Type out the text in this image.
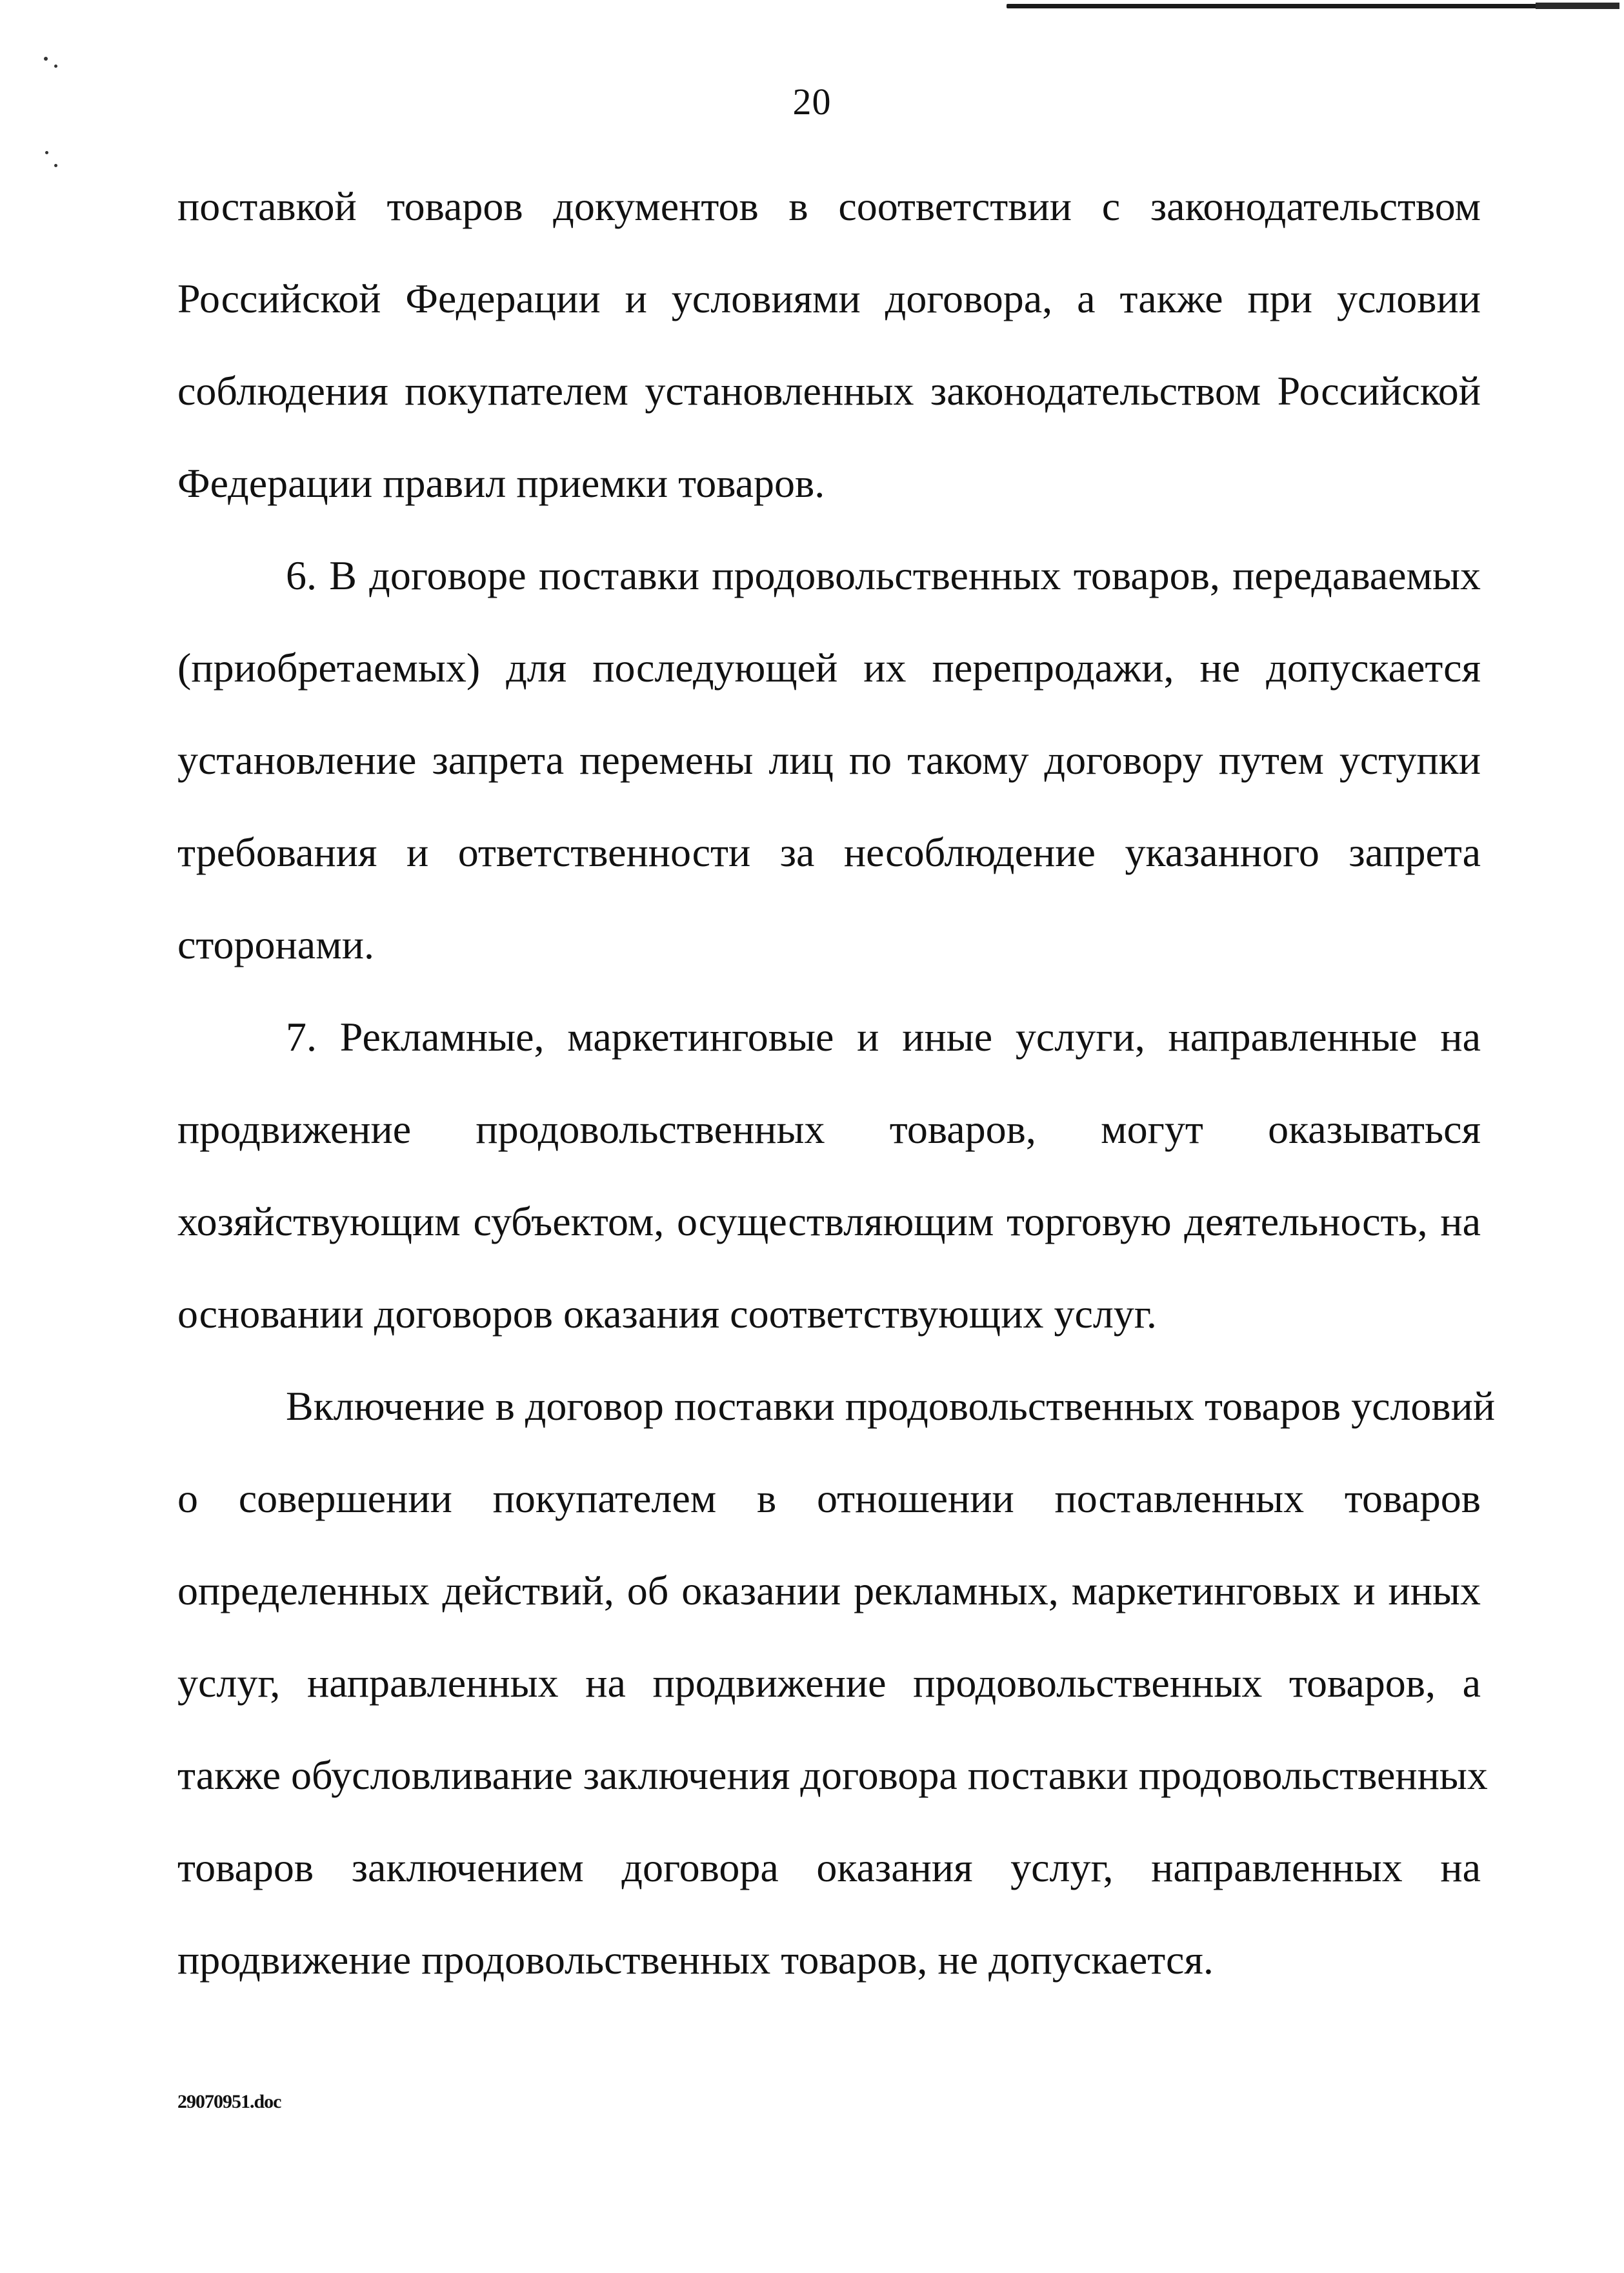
20
поставкой товаров документов в соответствии с законодательством
Российской Федерации и условиями договора, а также при условии
соблюдения покупателем установленных законодательством Российской
Федерации правил приемки товаров.
6. В договоре поставки продовольственных товаров, передаваемых
(приобретаемых) для последующей их перепродажи, не допускается
установление запрета перемены лиц по такому договору путем уступки
требования и ответственности за несоблюдение указанного запрета
сторонами.
7. Рекламные, маркетинговые и иные услуги, направленные на
продвижение продовольственных товаров, могут оказываться
хозяйствующим субъектом, осуществляющим торговую деятельность, на
основании договоров оказания соответствующих услуг.
Включение в договор поставки продовольственных товаров условий
о совершении покупателем в отношении поставленных товаров
определенных действий, об оказании рекламных, маркетинговых и иных
услуг, направленных на продвижение продовольственных товаров, а
также обусловливание заключения договора поставки продовольственных
товаров заключением договора оказания услуг, направленных на
продвижение продовольственных товаров, не допускается.
29070951.doc
